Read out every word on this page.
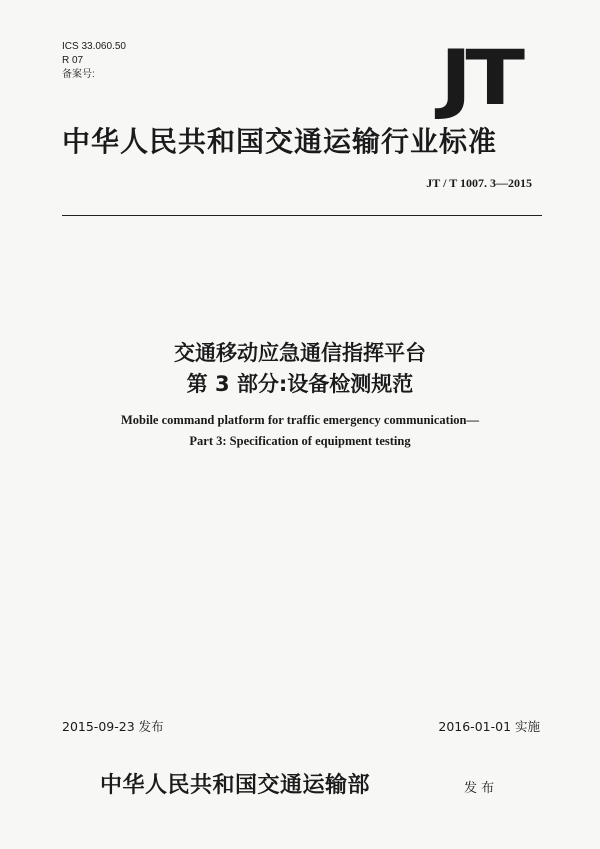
ICS 33.060.50
R 07
备案号:	JT
中华人民共和国交通运输行业标准
JT / T 1007. 3—2015
交通移动应急通信指挥平台
第 3 部分:设备检测规范
Mobile command platform for traffic emergency communication—
Part 3: Specification of equipment testing
2015-09-23 发布	2016-01-01 实施
中华人民共和国交通运输部	发 布
